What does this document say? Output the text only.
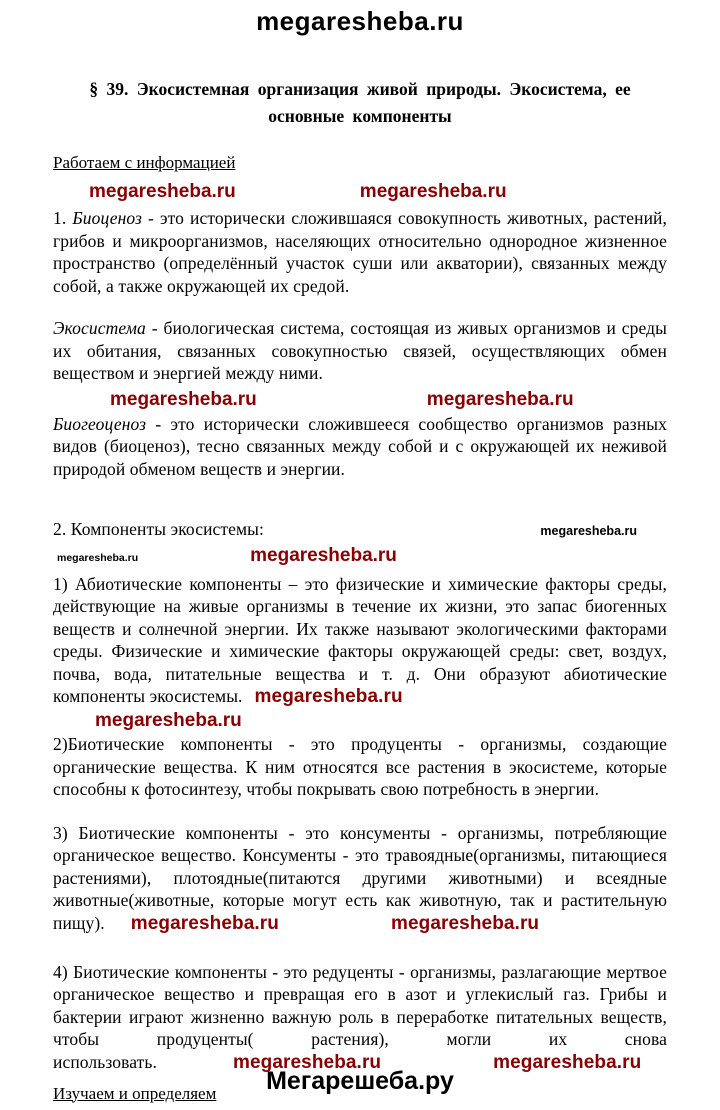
megaresheba.ru
§ 39. Экосистемная организация живой природы. Экосистема, ее
основные компоненты
Работаем с информацией
megaresheba.ru	megaresheba.ru

1. Биоценоз - это исторически сложившаяся совокупность животных, растений, грибов и микроорганизмов, населяющих относительно однородное жизненное пространство (определённый участок суши или акватории), связанных между собой, а также окружающей их средой.

Экосистема - биологическая система, состоящая из живых организмов и среды их обитания, связанных совокупностью связей, осуществляющих обмен веществом и энергией между ними.

megaresheba.ru	megaresheba.ru

Биогеоценоз - это исторически сложившееся сообщество организмов разных видов (биоценоз), тесно связанных между собой и с окружающей их неживой природой обменом веществ и энергии.

2. Компоненты экосистемы:	megaresheba.ru
megaresheba.ru	megaresheba.ru

1) Абиотические компоненты – это физические и химические факторы среды, действующие на живые организмы в течение их жизни, это запас биогенных веществ и солнечной энергии. Их также называют экологическими факторами среды. Физические и химические факторы окружающей среды: свет, воздух, почва, вода, питательные вещества и т. д. Они образуют абиотические компоненты экосистемы. megaresheba.ru

megaresheba.ru

2)Биотические компоненты - это продуценты - организмы, создающие органические вещества. К ним относятся все растения в экосистеме, которые способны к фотосинтезу, чтобы покрывать свою потребность в энергии.

3) Биотические компоненты - это консументы - организмы, потребляющие органическое вещество. Консументы - это травоядные(организмы, питающиеся растениями), плотоядные(питаются другими животными) и всеядные животные(животные, которые могут есть как животную, так и растительную пищу). megaresheba.ru	megaresheba.ru

4) Биотические компоненты - это редуценты - организмы, разлагающие мертвое органическое вещество и превращая его в азот и углекислый газ. Грибы и бактерии играют жизненно важную роль в переработке питательных веществ, чтобы продуценты( растения), могли их снова использовать.	megaresheba.ru	megaresheba.ru

Изучаем и определяем	Мегарешеба.ру
